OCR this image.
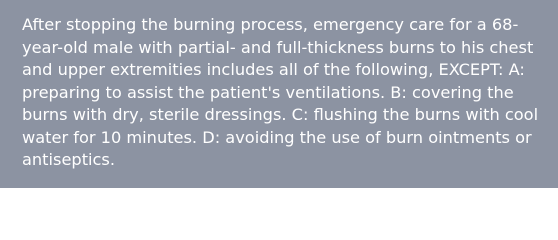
After stopping the burning process, emergency care for a 68-year-old male with partial- and full-thickness burns to his chest and upper extremities includes all of the following, EXCEPT: A: preparing to assist the patient's ventilations. B: covering the burns with dry, sterile dressings. C: flushing the burns with cool water for 10 minutes. D: avoiding the use of burn ointments or antiseptics.
